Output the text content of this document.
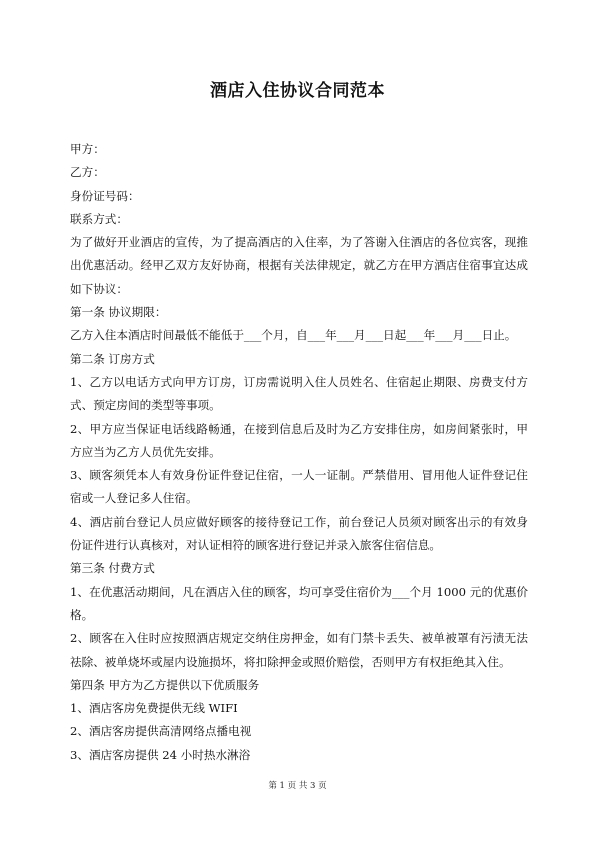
酒店入住协议合同范本
甲方：
乙方：
身份证号码：
联系方式：
为了做好开业酒店的宣传，为了提高酒店的入住率，为了答谢入住酒店的各位宾客，现推出优惠活动。经甲乙双方友好协商，根据有关法律规定，就乙方在甲方酒店住宿事宜达成如下协议：
第一条 协议期限：
乙方入住本酒店时间最低不能低于___个月，自___年___月___日起___年___月___日止。
第二条 订房方式
1、乙方以电话方式向甲方订房，订房需说明入住人员姓名、住宿起止期限、房费支付方式、预定房间的类型等事项。
2、甲方应当保证电话线路畅通，在接到信息后及时为乙方安排住房，如房间紧张时，甲方应当为乙方人员优先安排。
3、顾客须凭本人有效身份证件登记住宿，一人一证制。严禁借用、冒用他人证件登记住宿或一人登记多人住宿。
4、酒店前台登记人员应做好顾客的接待登记工作，前台登记人员须对顾客出示的有效身份证件进行认真核对，对认证相符的顾客进行登记并录入旅客住宿信息。
第三条 付费方式
1、在优惠活动期间，凡在酒店入住的顾客，均可享受住宿价为___个月 1000 元的优惠价格。
2、顾客在入住时应按照酒店规定交纳住房押金，如有门禁卡丢失、被单被罩有污渍无法祛除、被单烧坏或屋内设施损坏，将扣除押金或照价赔偿，否则甲方有权拒绝其入住。
第四条 甲方为乙方提供以下优质服务
1、酒店客房免费提供无线 WIFI
2、酒店客房提供高清网络点播电视
3、酒店客房提供 24 小时热水淋浴
第 1 页 共 3 页
